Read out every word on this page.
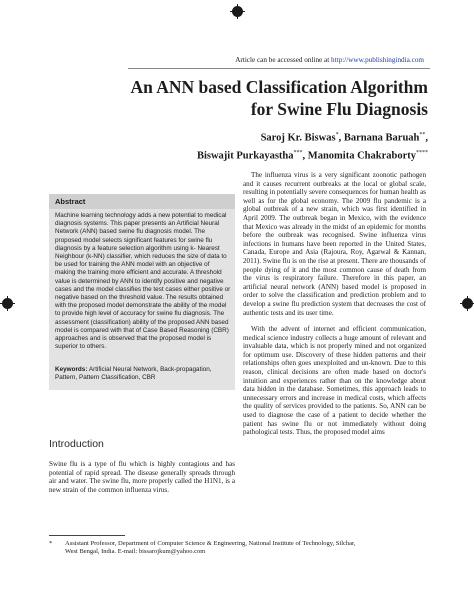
Article can be accessed online at http://www.publishingindia.com
An ANN based Classification Algorithm
for Swine Flu Diagnosis
Saroj Kr. Biswas*, Barnana Baruah**,
Biswajit Purkayastha***, Manomita Chakraborty****
Abstract
Machine learning technology adds a new potential to medical diagnosis systems. This paper presents an Artificial Neural Network (ANN) based swine flu diagnosis model. The proposed model selects significant features for swine flu diagnosis by a feature selection algorithm using k- Nearest Neighbour (k-NN) classifier, which reduces the size of data to be used for training the ANN model with an objective of making the training more efficient and accurate. A threshold value is determined by ANN to identify positive and negative cases and the model classifies the test cases either positive or negative based on the threshold value. The results obtained with the proposed model demonstrate the ability of the model to provide high level of accuracy for swine flu diagnosis. The assessment (classification) ability of the proposed ANN based model is compared with that of Case Based Reasoning (CBR) approaches and is observed that the proposed model is superior to others.
Keywords: Artificial Neural Network, Back-propagation, Pattern, Pattern Classification, CBR
Introduction
Swine flu is a type of flu which is highly contagious and has potential of rapid spread. The disease generally spreads through air and water. The swine flu, more properly called the H1N1, is a new strain of the common influenza virus.

The influenza virus is a very significant zoonotic pathogen and it causes recurrent outbreaks at the local or global scale, resulting in potentially severe consequences for human health as well as for the global economy. The 2009 flu pandemic is a global outbreak of a new strain, which was first identified in April 2009. The outbreak began in Mexico, with the evidence that Mexico was already in the midst of an epidemic for months before the outbreak was recognised. Swine influenza virus infections in humans have been reported in the United States, Canada, Europe and Asia (Rajoura, Roy, Agarwal & Kannan, 2011). Swine flu is on the rise at present. There are thousands of people dying of it and the most common cause of death from the virus is respiratory failure. Therefore in this paper, an artificial neural network (ANN) based model is proposed in order to solve the classification and prediction problem and to develop a swine flu prediction system that decreases the cost of authentic tests and its user time.

With the advent of internet and efficient communication, medical science industry collects a huge amount of relevant and invaluable data, which is not properly mined and not organized for optimum use. Discovery of these hidden patterns and their relationships often goes unexploited and un-known. Due to this reason, clinical decisions are often made based on doctor's intuition and experiences rather than on the knowledge about data hidden in the database. Sometimes, this approach leads to unnecessary errors and increase in medical costs, which affects the quality of services provided to the patients. So, ANN can be used to diagnose the case of a patient to decide whether the patient has swine flu or not immediately without doing pathological tests. Thus, the proposed model aims

* Assistant Professor, Department of Computer Science & Engineering, National Institute of Technology, Silchar,
West Bengal, India. E-mail: bissarojkum@yahoo.com
